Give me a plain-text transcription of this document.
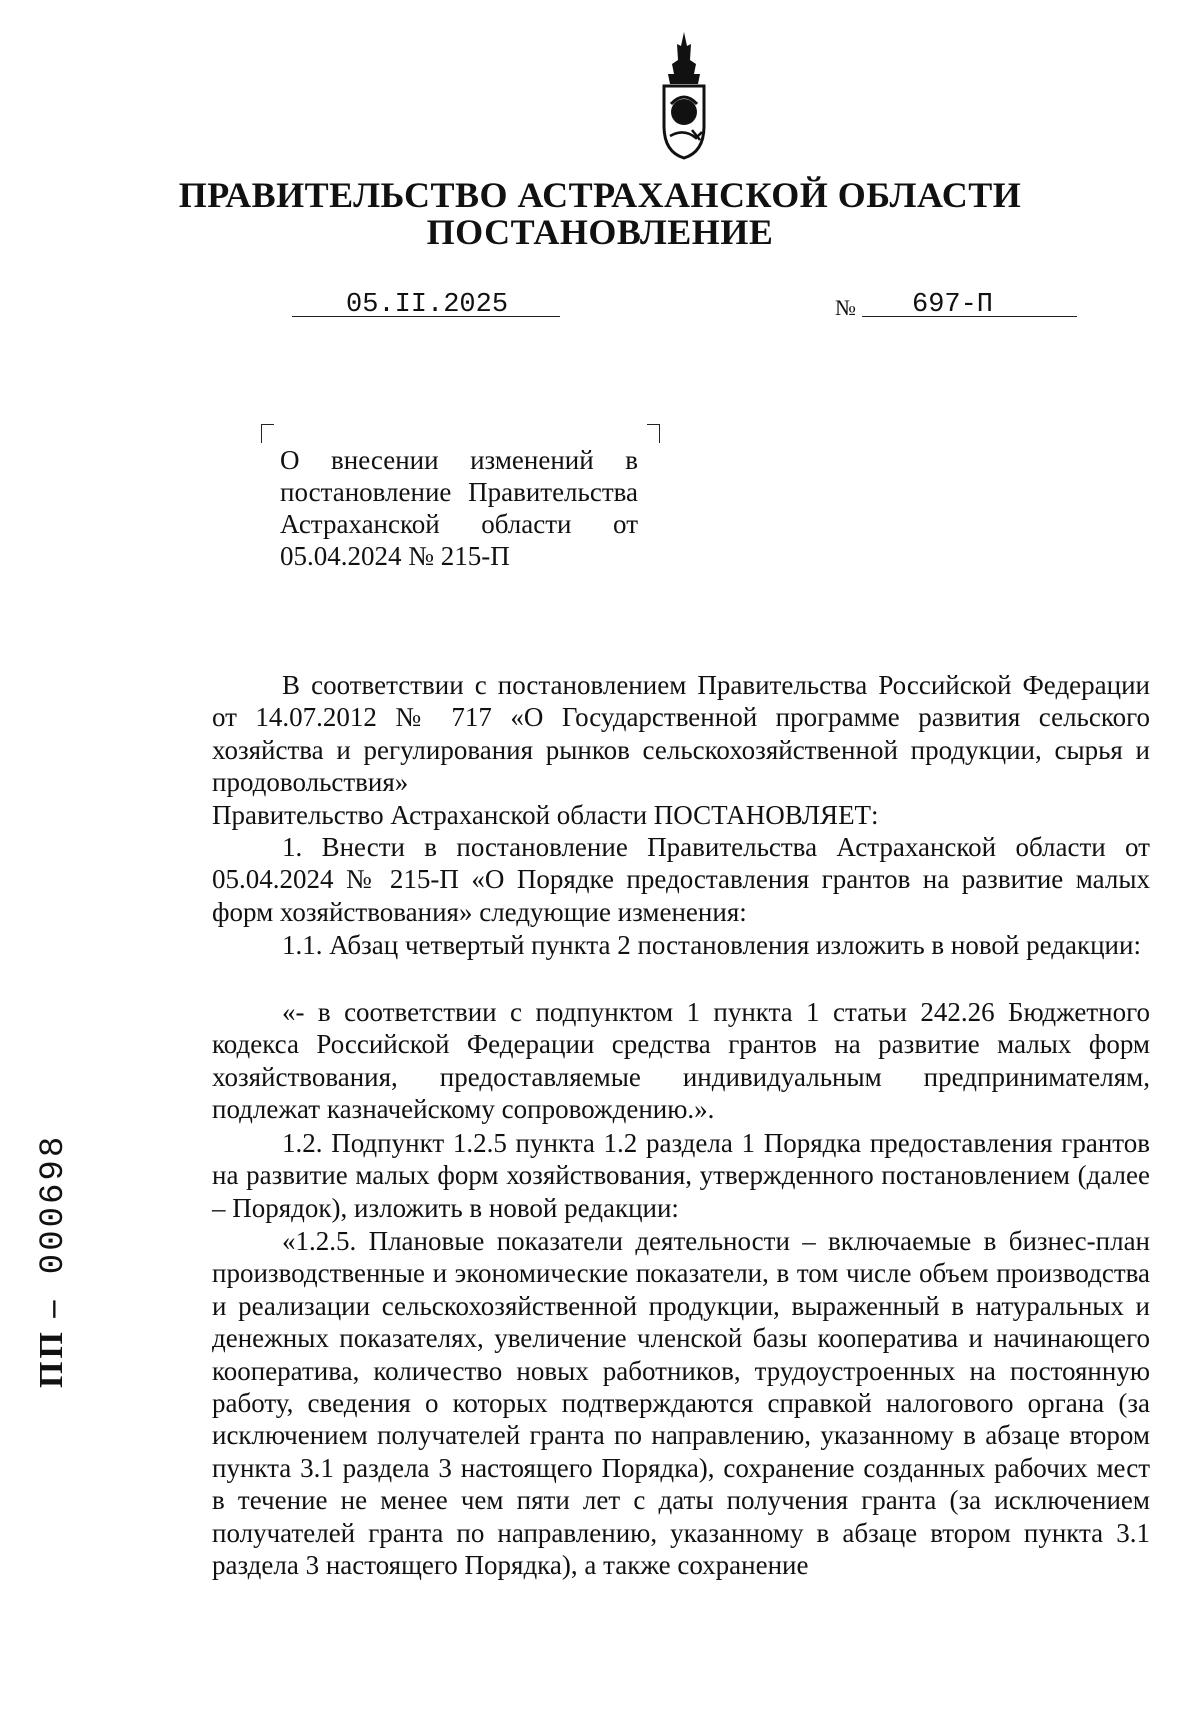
ПРАВИТЕЛЬСТВО АСТРАХАНСКОЙ ОБЛАСТИ
ПОСТАНОВЛЕНИЕ
05.II.2025	№ 697-П
О внесении изменений в постановление Правительства Астраханской области от 05.04.2024 № 215-П
В соответствии с постановлением Правительства Российской Федерации от 14.07.2012 № 717 «О Государственной программе развития сельского хозяйства и регулирования рынков сельскохозяйственной продукции, сырья и продовольствия»
Правительство Астраханской области ПОСТАНОВЛЯЕТ:
1. Внести в постановление Правительства Астраханской области от 05.04.2024 № 215-П «О Порядке предоставления грантов на развитие малых форм хозяйствования» следующие изменения:
1.1. Абзац четвертый пункта 2 постановления изложить в новой редакции:
«- в соответствии с подпунктом 1 пункта 1 статьи 242.26 Бюджетного кодекса Российской Федерации средства грантов на развитие малых форм хозяйствования, предоставляемые индивидуальным предпринимателям, подлежат казначейскому сопровождению.».
1.2. Подпункт 1.2.5 пункта 1.2 раздела 1 Порядка предоставления грантов на развитие малых форм хозяйствования, утвержденного постановлением (далее – Порядок), изложить в новой редакции:
«1.2.5. Плановые показатели деятельности – включаемые в бизнес-план производственные и экономические показатели, в том числе объем производства и реализации сельскохозяйственной продукции, выраженный в натуральных и денежных показателях, увеличение членской базы кооператива и начинающего кооператива, количество новых работников, трудоустроенных на постоянную работу, сведения о которых подтверждаются справкой налогового органа (за исключением получателей гранта по направлению, указанному в абзаце втором пункта 3.1 раздела 3 настоящего Порядка), сохранение созданных рабочих мест в течение не менее чем пяти лет с даты получения гранта (за исключением получателей гранта по направлению, указанному в абзаце втором пункта 3.1 раздела 3 настоящего Порядка), а также сохранение
ПП – 000698
